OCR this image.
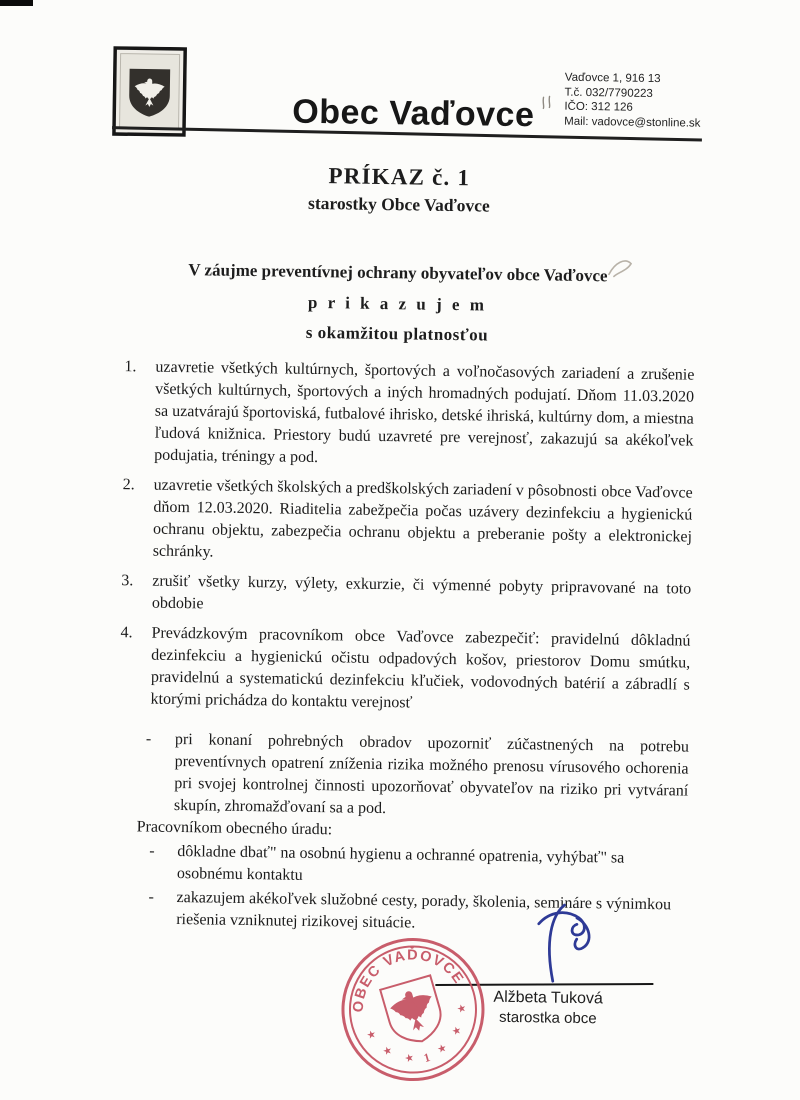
Obec Vaďovce
Vaďovce 1, 916 13
T.č. 032/7790223
IČO: 312 126
Mail: vadovce@stonline.sk
PRÍKAZ č. 1
starostky Obce Vaďovce
V záujme preventívnej ochrany obyvateľov obce Vaďovce
p r i k a z u j e m
s okamžitou platnosťou
1.	uzavretie všetkých kultúrnych, športových a voľnočasových zariadení a zrušenie všetkých kultúrnych, športových a iných hromadných podujatí. Dňom 11.03.2020 sa uzatvárajú športoviská, futbalové ihrisko, detské ihriská, kultúrny dom, a miestna ľudová knižnica. Priestory budú uzavreté pre verejnosť, zakazujú sa akékoľvek podujatia, tréningy a pod.
2.	uzavretie všetkých školských a predškolských zariadení v pôsobnosti obce Vaďovce dňom 12.03.2020. Riaditelia zabežpečia počas uzávery dezinfekciu a hygienickú ochranu objektu, zabezpečia ochranu objektu a preberanie pošty a elektronickej schránky.
3.	zrušiť všetky kurzy, výlety, exkurzie, či výmenné pobyty pripravované na toto obdobie
4.	Prevádzkovým pracovníkom obce Vaďovce zabezpečiť: pravidelnú dôkladnú dezinfekciu a hygienickú očistu odpadových košov, priestorov Domu smútku, pravidelnú a systematickú dezinfekciu kľučiek, vodovodných batérií a zábradlí s ktorými prichádza do kontaktu verejnosť
-	pri konaní pohrebných obradov upozorniť zúčastnených na potrebu preventívnych opatrení zníženia rizika možného prenosu vírusového ochorenia pri svojej kontrolnej činnosti upozorňovať obyvateľov na riziko pri vytváraní skupín, zhromažďovaní sa a pod.
Pracovníkom obecného úradu:
-	dôkladne dbať" na osobnú hygienu a ochranné opatrenia, vyhýbať" sa osobnému kontaktu
-	zakazujem akékoľvek služobné cesty, porady, školenia, semináre s výnimkou riešenia vzniknutej rizikovej situácie.
Alžbeta Tuková
starostka obce
OBEC VAĎOVCE
★
★
★
★
★
★
1
